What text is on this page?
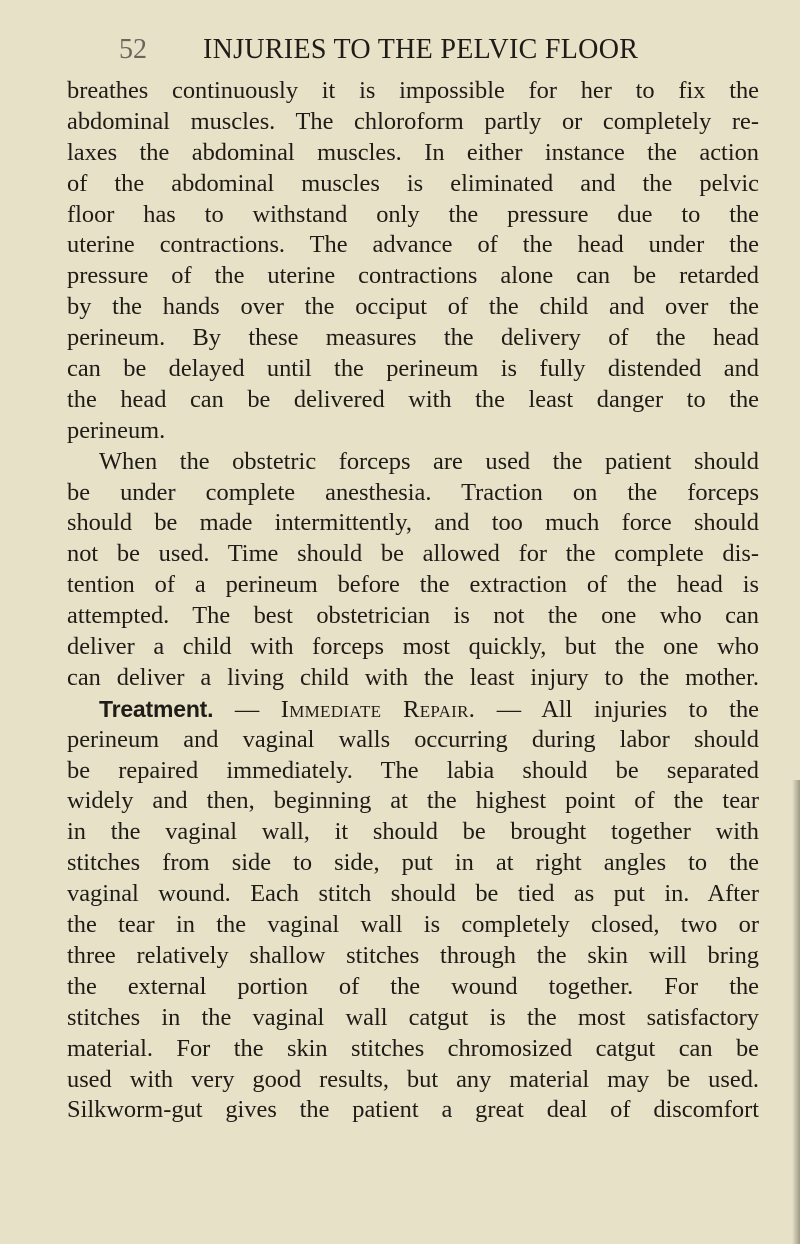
52 INJURIES TO THE PELVIC FLOOR
breathes continuously it is impossible for her to fix the
abdominal muscles. The chloroform partly or completely re-
laxes the abdominal muscles. In either instance the action
of the abdominal muscles is eliminated and the pelvic
floor has to withstand only the pressure due to the
uterine contractions. The advance of the head under the
pressure of the uterine contractions alone can be retarded
by the hands over the occiput of the child and over the
perineum. By these measures the delivery of the head
can be delayed until the perineum is fully distended and
the head can be delivered with the least danger to the
perineum.
When the obstetric forceps are used the patient should
be under complete anesthesia. Traction on the forceps
should be made intermittently, and too much force should
not be used. Time should be allowed for the complete dis-
tention of a perineum before the extraction of the head is
attempted. The best obstetrician is not the one who can
deliver a child with forceps most quickly, but the one who
can deliver a living child with the least injury to the mother.
Treatment. — Immediate Repair. — All injuries to the
perineum and vaginal walls occurring during labor should
be repaired immediately. The labia should be separated
widely and then, beginning at the highest point of the tear
in the vaginal wall, it should be brought together with
stitches from side to side, put in at right angles to the
vaginal wound. Each stitch should be tied as put in. After
the tear in the vaginal wall is completely closed, two or
three relatively shallow stitches through the skin will bring
the external portion of the wound together. For the
stitches in the vaginal wall catgut is the most satisfactory
material. For the skin stitches chromosized catgut can be
used with very good results, but any material may be used.
Silkworm-gut gives the patient a great deal of discomfort
